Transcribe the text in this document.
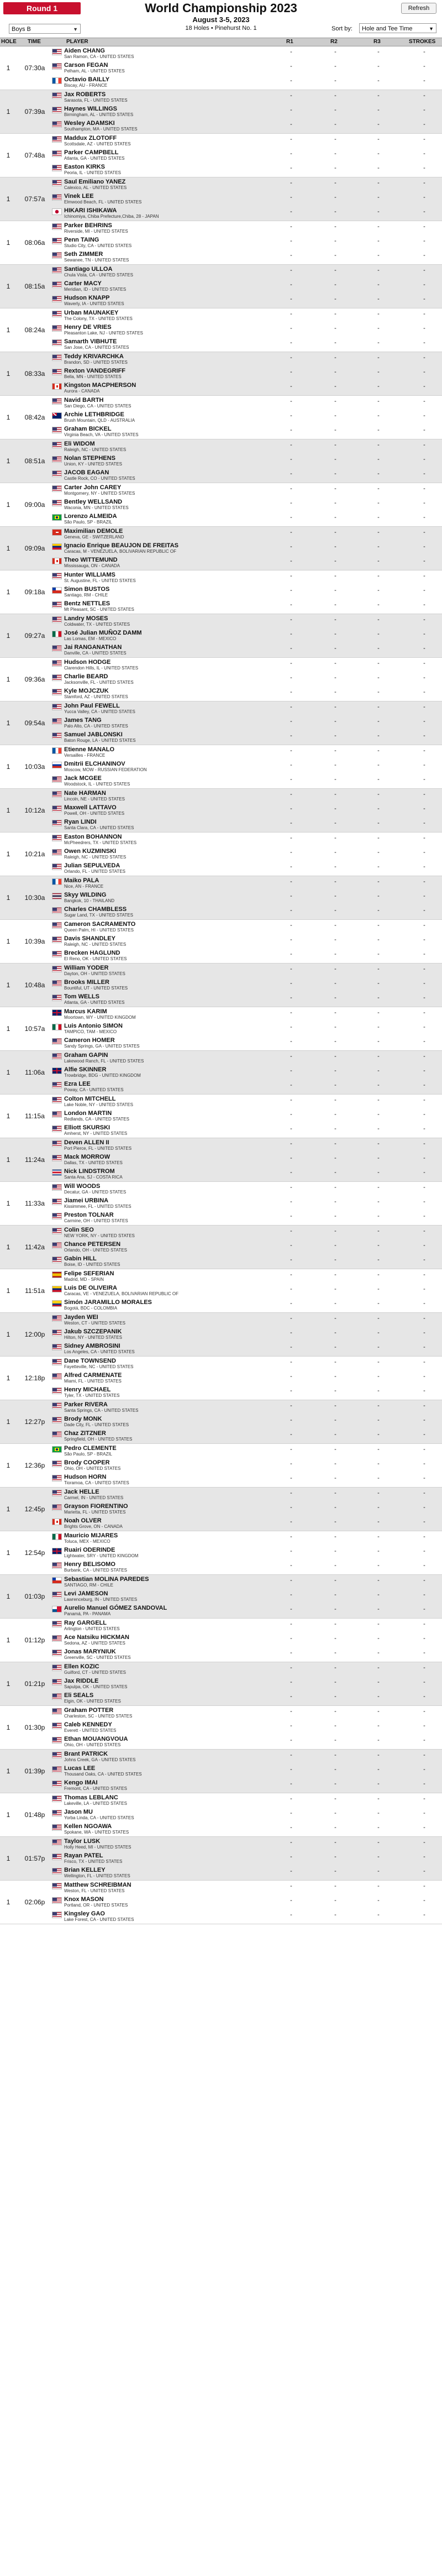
Round 1
Boys B	▼
World Championship 2023
August 3-5, 2023
18 Holes • Pinehurst No. 1
Refresh
Sort by:	Hole and Tee Time	▼
HOLE TIME	PLAYER	R1	R2	R3	STROKES
1	07:30a
Aiden CHANG
San Ramon, CA - UNITED STATES
-	-	-	-
Carson FEGAN
Pelham, AL - UNITED STATES
-	-	-	-
Octavio BAILLY
Biscay, AU - FRANCE
-	-	-	-
1	07:39a
Jax ROBERTS
Sarasota, FL - UNITED STATES
-	-	-	-
Haynes WILLINGS
Birmingham, AL - UNITED STATES
-	-	-	-
Wesley ADAMSKI
Southampton, MA - UNITED STATES
-	-	-	-
1	07:48a
Maddux ZLOTOFF
Scottsdale, AZ - UNITED STATES
-	-	-	-
Parker CAMPBELL
Atlanta, GA - UNITED STATES
-	-	-	-
Easton KIRKS
Peoria, IL - UNITED STATES
-	-	-	-
1	07:57a
Saul Emiliano YANEZ
Calexico, AL - UNITED STATES
-	-	-	-
Vinek LEE
Elmwood Beach, FL - UNITED STATES
-	-	-	-
HIKARI ISHIKAWA
Ichinomiya, Chiba Prefecture,Chiba, 28 - JAPAN
-	-	-	-
1	08:06a
Parker BEHRINS
Riverside, MI - UNITED STATES
-	-	-	-
Penn TAING
Studio City, CA - UNITED STATES
-	-	-	-
Seth ZIMMER
Sewanee, TN - UNITED STATES
-	-	-	-
1	08:15a
Santiago ULLOA
Chula Vista, CA - UNITED STATES
-	-	-	-
Carter MACY
Meridian, ID - UNITED STATES
-	-	-	-
Hudson KNAPP
Waverly, IA - UNITED STATES
-	-	-	-
1	08:24a
Urban MAUNAKEY
The Colony, TX - UNITED STATES
-	-	-	-
Henry DE VRIES
Pleasanton Lake, NJ - UNITED STATES
-	-	-	-
Samarth VIBHUTE
San Jose, CA - UNITED STATES
-	-	-	-
1	08:33a
Teddy KRIVARCHKA
Brandon, SD - UNITED STATES
-	-	-	-
Rexton VANDEGRIFF
Bella, MN - UNITED STATES
-	-	-	-
Kingston MACPHERSON
Aurora - CANADA
-	-	-	-
1	08:42a
Navid BARTH
San Diego, CA - UNITED STATES
-	-	-	-
Archie LETHBRIDGE
Brush Mountain, QLD - AUSTRALIA
-	-	-	-
Graham BICKEL
Virginia Beach, VA - UNITED STATES
-	-	-	-
1	08:51a
Eli WIDOM
Raleigh, NC - UNITED STATES
-	-	-	-
Nolan STEPHENS
Union, KY - UNITED STATES
-	-	-	-
JACOB EAGAN
Castle Rock, CO - UNITED STATES
-	-	-	-
1	09:00a
Carter John CAREY
Montgomery, NY - UNITED STATES
-	-	-	-
Bentley WELLSAND
Waconia, MN - UNITED STATES
-	-	-	-
Lorenzo ALMEIDA
São Paulo, SP - BRAZIL
-	-	-	-
1	09:09a
Maximilian DEMOLE
Geneva, GE - SWITZERLAND
-	-	-	-
Ignacio Enrique BEAUJON DE FREITAS
Caracas, M - VENEZUELA, BOLIVARIAN REPUBLIC OF
-	-	-	-
Theo WITTEMUND
Mississauga, ON - CANADA
-	-	-	-
1	09:18a
Hunter WILLIAMS
St. Augustine, FL - UNITED STATES
-	-	-	-
Simon BUSTOS
Santiago, RM - CHILE
-	-	-	-
Bentz NETTLES
Mt Pleasant, SC - UNITED STATES
-	-	-	-
1	09:27a
Landry MOSES
Coldwater, TX - UNITED STATES
-	-	-	-
José Julian MUÑOZ DAMM
Las Lomas, EM - MEXICO
-	-	-	-
Jai RANGANATHAN
Danville, CA - UNITED STATES
-	-	-	-
1	09:36a
Hudson HODGE
Clarendon Hills, IL - UNITED STATES
-	-	-	-
Charlie BEARD
Jacksonville, FL - UNITED STATES
-	-	-	-
Kyle MOJCZUK
Stamford, AZ - UNITED STATES
-	-	-	-
1	09:54a
John Paul FEWELL
Yucca Valley, CA - UNITED STATES
-	-	-	-
James TANG
Palo Alto, CA - UNITED STATES
-	-	-	-
Samuel JABLONSKI
Baton Rouge, LA - UNITED STATES
-	-	-	-
1	10:03a
Etienne MANALO
Versailles - FRANCE
-	-	-	-
Dmitrii ELCHANINOV
Moscow, MOW - RUSSIAN FEDERATION
-	-	-	-
Jack MCGEE
Woodstock, IL - UNITED STATES
-	-	-	-
1	10:12a
Nate HARMAN
Lincoln, NE - UNITED STATES
-	-	-	-
Maxwell LATTAVO
Powell, OH - UNITED STATES
-	-	-	-
Ryan LINDI
Santa Clara, CA - UNITED STATES
-	-	-	-
1	10:21a
Easton BOHANNON
McPheedrers, TX - UNITED STATES
-	-	-	-
Owen KUZMINSKI
Raleigh, NC - UNITED STATES
-	-	-	-
Julian SEPULVEDA
Orlando, FL - UNITED STATES
-	-	-	-
1	10:30a
Maiko PALA
Nice, AN - FRANCE
-	-	-	-
Skyy WILDING
Bangkok, 10 - THAILAND
-	-	-	-
Charles CHAMBLESS
Sugar Land, TX - UNITED STATES
-	-	-	-
1	10:39a
Cameron SACRAMENTO
Queen Palm, HI - UNITED STATES
-	-	-	-
Davis SHANDLEY
Raleigh, NC - UNITED STATES
-	-	-	-
Brecken HAGLUND
El Reno, OK - UNITED STATES
-	-	-	-
1	10:48a
William YODER
Dayton, OH - UNITED STATES
-	-	-	-
Brooks MILLER
Bountiful, UT - UNITED STATES
-	-	-	-
Tom WELLS
Atlanta, GA - UNITED STATES
-	-	-	-
1	10:57a
Marcus KARIM
Moortown, WY - UNITED KINGDOM
-	-	-	-
Luis Antonio SIMON
TAMPICO, TAM - MEXICO
-	-	-	-
Cameron HOMER
Sandy Springs, GA - UNITED STATES
-	-	-	-
1	11:06a
Graham GAPIN
Lakewood Ranch, FL - UNITED STATES
-	-	-	-
Alfie SKINNER
Trowbridge, BDG - UNITED KINGDOM
-	-	-	-
Ezra LEE
Poway, CA - UNITED STATES
-	-	-	-
1	11:15a
Colton MITCHELL
Lake Noble, NY - UNITED STATES
-	-	-	-
London MARTIN
Redlands, CA - UNITED STATES
-	-	-	-
Elliott SKURSKI
Amherst, NY - UNITED STATES
-	-	-	-
1	11:24a
Deven ALLEN II
Port Pierce, FL - UNITED STATES
-	-	-	-
Mack MORROW
Dallas, TX - UNITED STATES
-	-	-	-
Nick LINDSTROM
Santa Ana, SJ - COSTA RICA
-	-	-	-
1	11:33a
Will WOODS
Decatur, GA - UNITED STATES
-	-	-	-
Jiamei URBINA
Kissimmee, FL - UNITED STATES
-	-	-	-
Preston TOLNAR
Carmine, OH - UNITED STATES
-	-	-	-
1	11:42a
Colin SEO
NEW YORK, NY - UNITED STATES
-	-	-	-
Chance PETERSEN
Orlando, OH - UNITED STATES
-	-	-	-
Gabin HILL
Boise, ID - UNITED STATES
-	-	-	-
1	11:51a
Felipe SEFERIAN
Madrid, MD - SPAIN
-	-	-	-
Luis DE OLIVEIRA
Caracas, VE - VENEZUELA, BOLIVARIAN REPUBLIC OF
-	-	-	-
Simón JARAMILLO MORALES
Bogotá, BDC - COLOMBIA
-	-	-	-
1	12:00p
Jayden WEI
Weston, CT - UNITED STATES
-	-	-	-
Jakub SZCZEPANIK
Hilton, NY - UNITED STATES
-	-	-	-
Sidney AMBROSINI
Los Angeles, CA - UNITED STATES
-	-	-	-
1	12:18p
Dane TOWNSEND
Fayetteville, NC - UNITED STATES
-	-	-	-
Alfred CARMENATE
Miami, FL - UNITED STATES
-	-	-	-
Henry MICHAEL
Tyler, TX - UNITED STATES
-	-	-	-
1	12:27p
Parker RIVERA
Santa Springs, CA - UNITED STATES
-	-	-	-
Brody MONK
Dade City, FL - UNITED STATES
-	-	-	-
Chaz ZITZNER
Springfield, OH - UNITED STATES
-	-	-	-
1	12:36p
Pedro CLEMENTE
São Paulo, SP - BRAZIL
-	-	-	-
Brody COOPER
Ohio, OH - UNITED STATES
-	-	-	-
Hudson HORN
Tioramoa, CA - UNITED STATES
-	-	-	-
1	12:45p
Jack HELLE
Carmel, IN - UNITED STATES
-	-	-	-
Grayson FIORENTINO
Marietta, FL - UNITED STATES
-	-	-	-
Noah OLVER
Brights Grove, ON - CANADA
-	-	-	-
1	12:54p
Mauricio MIJARES
Toluca, MEX - MEXICO
-	-	-	-
Ruairi ODERINDE
Lightwater, SRY - UNITED KINGDOM
-	-	-	-
Henry BELISOMO
Burbank, CA - UNITED STATES
-	-	-	-
1	01:03p
Sebastian MOLINA PAREDES
SANTIAGO, RM - CHILE
-	-	-	-
Levi JAMESON
Lawrenceburg, IN - UNITED STATES
-	-	-	-
Aurelio Manuel GÓMEZ SANDOVAL
Panamá, PA - PANAMA
-	-	-	-
1	01:12p
Ray GARGELL
Arlington - UNITED STATES
-	-	-	-
Ace Natsiku HICKMAN
Sedona, AZ - UNITED STATES
-	-	-	-
Jonas MARYNIUK
Greenville, SC - UNITED STATES
-	-	-	-
1	01:21p
Ellen KOZIC
Guilford, CT - UNITED STATES
-	-	-	-
Jax RIDDLE
Sapulpa, OK - UNITED STATES
-	-	-	-
Eli SEALS
Elgin, OK - UNITED STATES
-	-	-	-
1	01:30p
Graham POTTER
Charleston, SC - UNITED STATES
-	-	-	-
Caleb KENNEDY
Everett - UNITED STATES
-	-	-	-
Ethan MOUANGVOUA
Ohio, OH - UNITED STATES
-	-	-	-
1	01:39p
Brant PATRICK
Johns Creek, GA - UNITED STATES
-	-	-	-
Lucas LEE
Thousand Oaks, CA - UNITED STATES
-	-	-	-
Kengo IMAI
Fremont, CA - UNITED STATES
-	-	-	-
1	01:48p
Thomas LEBLANC
Lakeville, LA - UNITED STATES
-	-	-	-
Jason MU
Yorba Linda, CA - UNITED STATES
-	-	-	-
Kellen NGOAWA
Spokane, WA - UNITED STATES
-	-	-	-
1	01:57p
Taylor LUSK
Holly Heed, MI - UNITED STATES
-	-	-	-
Rayan PATEL
Frisco, TX - UNITED STATES
-	-	-	-
Brian KELLEY
Wellington, FL - UNITED STATES
-	-	-	-
1	02:06p
Matthew SCHREIBMAN
Weston, FL - UNITED STATES
-	-	-	-
Knox MASON
Portland, OR - UNITED STATES
-	-	-	-
Kingsley GAO
Lake Forest, CA - UNITED STATES
-	-	-	-
